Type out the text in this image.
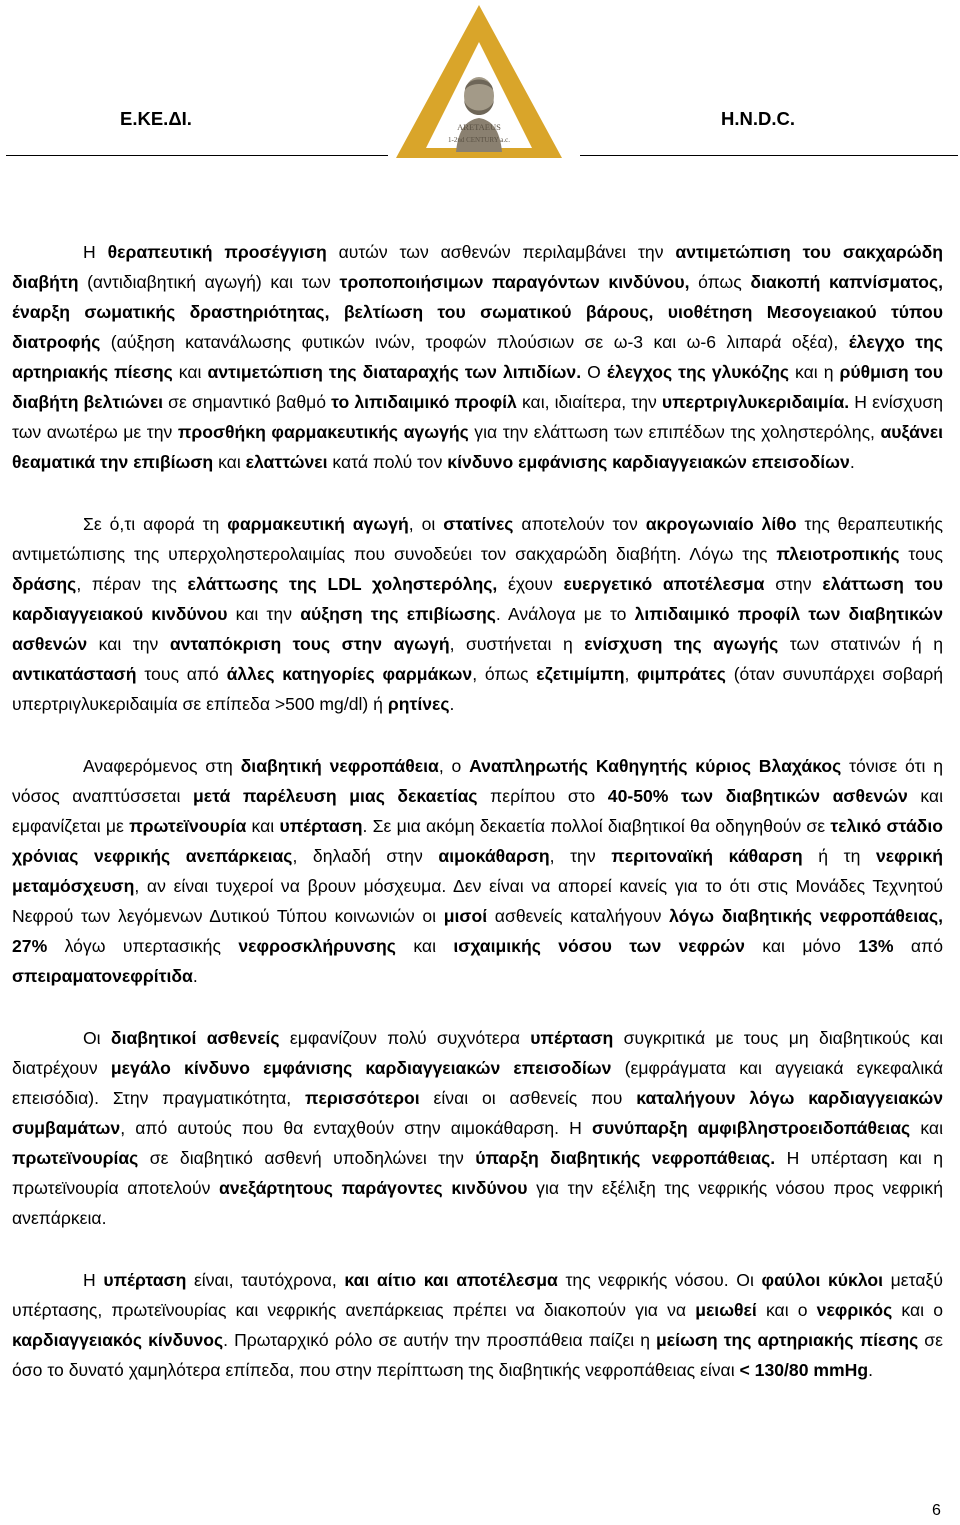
Ε.ΚΕ.ΔΙ.	H.N.D.C.
ARETAEUS
1-2nd CENTURY a.c.

Η θεραπευτική προσέγγιση αυτών των ασθενών περιλαμβάνει την αντιμετώπιση του σακχαρώδη διαβήτη (αντιδιαβητική αγωγή) και των τροποποιήσιμων παραγόντων κινδύνου, όπως διακοπή καπνίσματος, έναρξη σωματικής δραστηριότητας, βελτίωση του σωματικού βάρους, υιοθέτηση Μεσογειακού τύπου διατροφής (αύξηση κατανάλωσης φυτικών ινών, τροφών πλούσιων σε ω-3 και ω-6 λιπαρά οξέα), έλεγχο της αρτηριακής πίεσης και αντιμετώπιση της διαταραχής των λιπιδίων. Ο έλεγχος της γλυκόζης και η ρύθμιση του διαβήτη βελτιώνει σε σημαντικό βαθμό το λιπιδαιμικό προφίλ και, ιδιαίτερα, την υπερτριγλυκεριδαιμία. Η ενίσχυση των ανωτέρω με την προσθήκη φαρμακευτικής αγωγής για την ελάττωση των επιπέδων της χοληστερόλης, αυξάνει θεαματικά την επιβίωση και ελαττώνει κατά πολύ τον κίνδυνο εμφάνισης καρδιαγγειακών επεισοδίων.

Σε ό,τι αφορά τη φαρμακευτική αγωγή, οι στατίνες αποτελούν τον ακρογωνιαίο λίθο της θεραπευτικής αντιμετώπισης της υπερχοληστερολαιμίας που συνοδεύει τον σακχαρώδη διαβήτη. Λόγω της πλειοτροπικής τους δράσης, πέραν της ελάττωσης της LDL χοληστερόλης, έχουν ευεργετικό αποτέλεσμα στην ελάττωση του καρδιαγγειακού κινδύνου και την αύξηση της επιβίωσης. Ανάλογα με το λιπιδαιμικό προφίλ των διαβητικών ασθενών και την ανταπόκριση τους στην αγωγή, συστήνεται η ενίσχυση της αγωγής των στατινών ή η αντικατάστασή τους από άλλες κατηγορίες φαρμάκων, όπως εζετιμίμπη, φιμπράτες (όταν συνυπάρχει σοβαρή υπερτριγλυκεριδαιμία σε επίπεδα >500 mg/dl) ή ρητίνες.

Αναφερόμενος στη διαβητική νεφροπάθεια, ο Αναπληρωτής Καθηγητής κύριος Βλαχάκος τόνισε ότι η νόσος αναπτύσσεται μετά παρέλευση μιας δεκαετίας περίπου στο 40-50% των διαβητικών ασθενών και εμφανίζεται με πρωτεϊνουρία και υπέρταση. Σε μια ακόμη δεκαετία πολλοί διαβητικοί θα οδηγηθούν σε τελικό στάδιο χρόνιας νεφρικής ανεπάρκειας, δηλαδή στην αιμοκάθαρση, την περιτοναϊκή κάθαρση ή τη νεφρική μεταμόσχευση, αν είναι τυχεροί να βρουν μόσχευμα. Δεν είναι να απορεί κανείς για το ότι στις Μονάδες Τεχνητού Νεφρού των λεγόμενων Δυτικού Τύπου κοινωνιών οι μισοί ασθενείς καταλήγουν λόγω διαβητικής νεφροπάθειας, 27% λόγω υπερτασικής νεφροσκλήρυνσης και ισχαιμικής νόσου των νεφρών και μόνο 13% από σπειραματονεφρίτιδα.

Οι διαβητικοί ασθενείς εμφανίζουν πολύ συχνότερα υπέρταση συγκριτικά με τους μη διαβητικούς και διατρέχουν μεγάλο κίνδυνο εμφάνισης καρδιαγγειακών επεισοδίων (εμφράγματα και αγγειακά εγκεφαλικά επεισόδια). Στην πραγματικότητα, περισσότεροι είναι οι ασθενείς που καταλήγουν λόγω καρδιαγγειακών συμβαμάτων, από αυτούς που θα ενταχθούν στην αιμοκάθαρση. Η συνύπαρξη αμφιβληστροειδοπάθειας και πρωτεϊνουρίας σε διαβητικό ασθενή υποδηλώνει την ύπαρξη διαβητικής νεφροπάθειας. Η υπέρταση και η πρωτεϊνουρία αποτελούν ανεξάρτητους παράγοντες κινδύνου για την εξέλιξη της νεφρικής νόσου προς νεφρική ανεπάρκεια.

Η υπέρταση είναι, ταυτόχρονα, και αίτιο και αποτέλεσμα της νεφρικής νόσου. Οι φαύλοι κύκλοι μεταξύ υπέρτασης, πρωτεϊνουρίας και νεφρικής ανεπάρκειας πρέπει να διακοπούν για να μειωθεί και ο νεφρικός και ο καρδιαγγειακός κίνδυνος. Πρωταρχικό ρόλο σε αυτήν την προσπάθεια παίζει η μείωση της αρτηριακής πίεσης σε όσο το δυνατό χαμηλότερα επίπεδα, που στην περίπτωση της διαβητικής νεφροπάθειας είναι < 130/80 mmHg.

6
